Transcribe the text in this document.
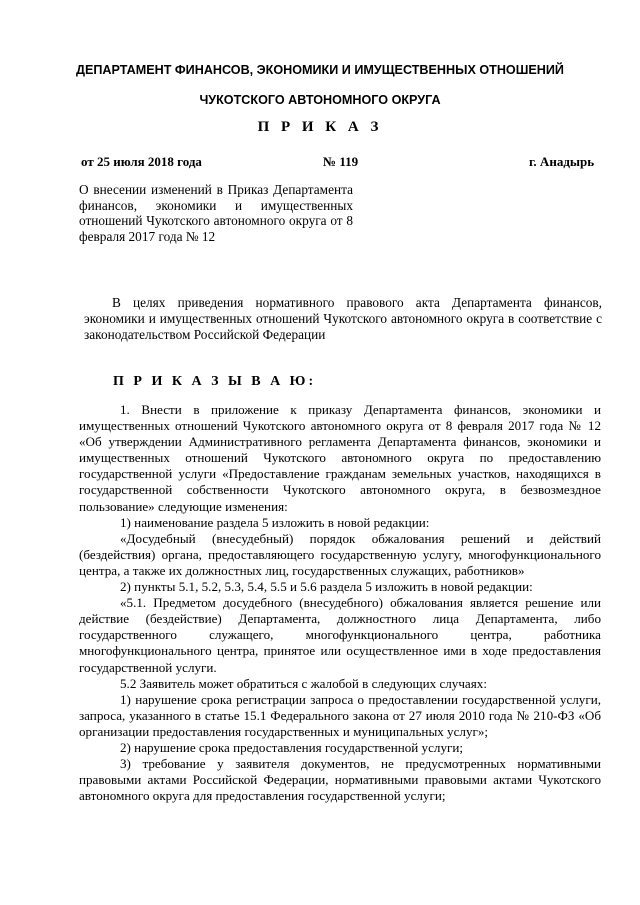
ДЕПАРТАМЕНТ ФИНАНСОВ, ЭКОНОМИКИ И ИМУЩЕСТВЕННЫХ ОТНОШЕНИЙ
ЧУКОТСКОГО АВТОНОМНОГО ОКРУГА
П Р И К А З
от 25 июля 2018 года	№ 119	г. Анадырь
О внесении изменений в Приказ Департамента финансов, экономики и имущественных отношений Чукотского автономного округа от 8 февраля 2017 года № 12

В целях приведения нормативного правового акта Департамента финансов, экономики и имущественных отношений Чукотского автономного округа в соответствие с законодательством Российской Федерации

П Р И К А З Ы В А Ю:

1. Внести в приложение к приказу Департамента финансов, экономики и имущественных отношений Чукотского автономного округа от 8 февраля 2017 года № 12 «Об утверждении Административного регламента Департамента финансов, экономики и имущественных отношений Чукотского автономного округа по предоставлению государственной услуги «Предоставление гражданам земельных участков, находящихся в государственной собственности Чукотского автономного округа, в безвозмездное пользование» следующие изменения:

1) наименование раздела 5 изложить в новой редакции:

«Досудебный (внесудебный) порядок обжалования решений и действий (бездействия) органа, предоставляющего государственную услугу, многофункционального центра, а также их должностных лиц, государственных служащих, работников»

2) пункты 5.1, 5.2, 5.3, 5.4, 5.5 и 5.6 раздела 5 изложить в новой редакции:

«5.1. Предметом досудебного (внесудебного) обжалования является решение или действие (бездействие) Департамента, должностного лица Департамента, либо государственного служащего, многофункционального центра, работника многофункционального центра, принятое или осуществленное ими в ходе предоставления государственной услуги.

5.2 Заявитель может обратиться с жалобой в следующих случаях:

1) нарушение срока регистрации запроса о предоставлении государственной услуги, запроса, указанного в статье 15.1 Федерального закона от 27 июля 2010 года № 210-ФЗ «Об организации предоставления государственных и муниципальных услуг»;

2) нарушение срока предоставления государственной услуги;

3) требование у заявителя документов, не предусмотренных нормативными правовыми актами Российской Федерации, нормативными правовыми актами Чукотского автономного округа для предоставления государственной услуги;
